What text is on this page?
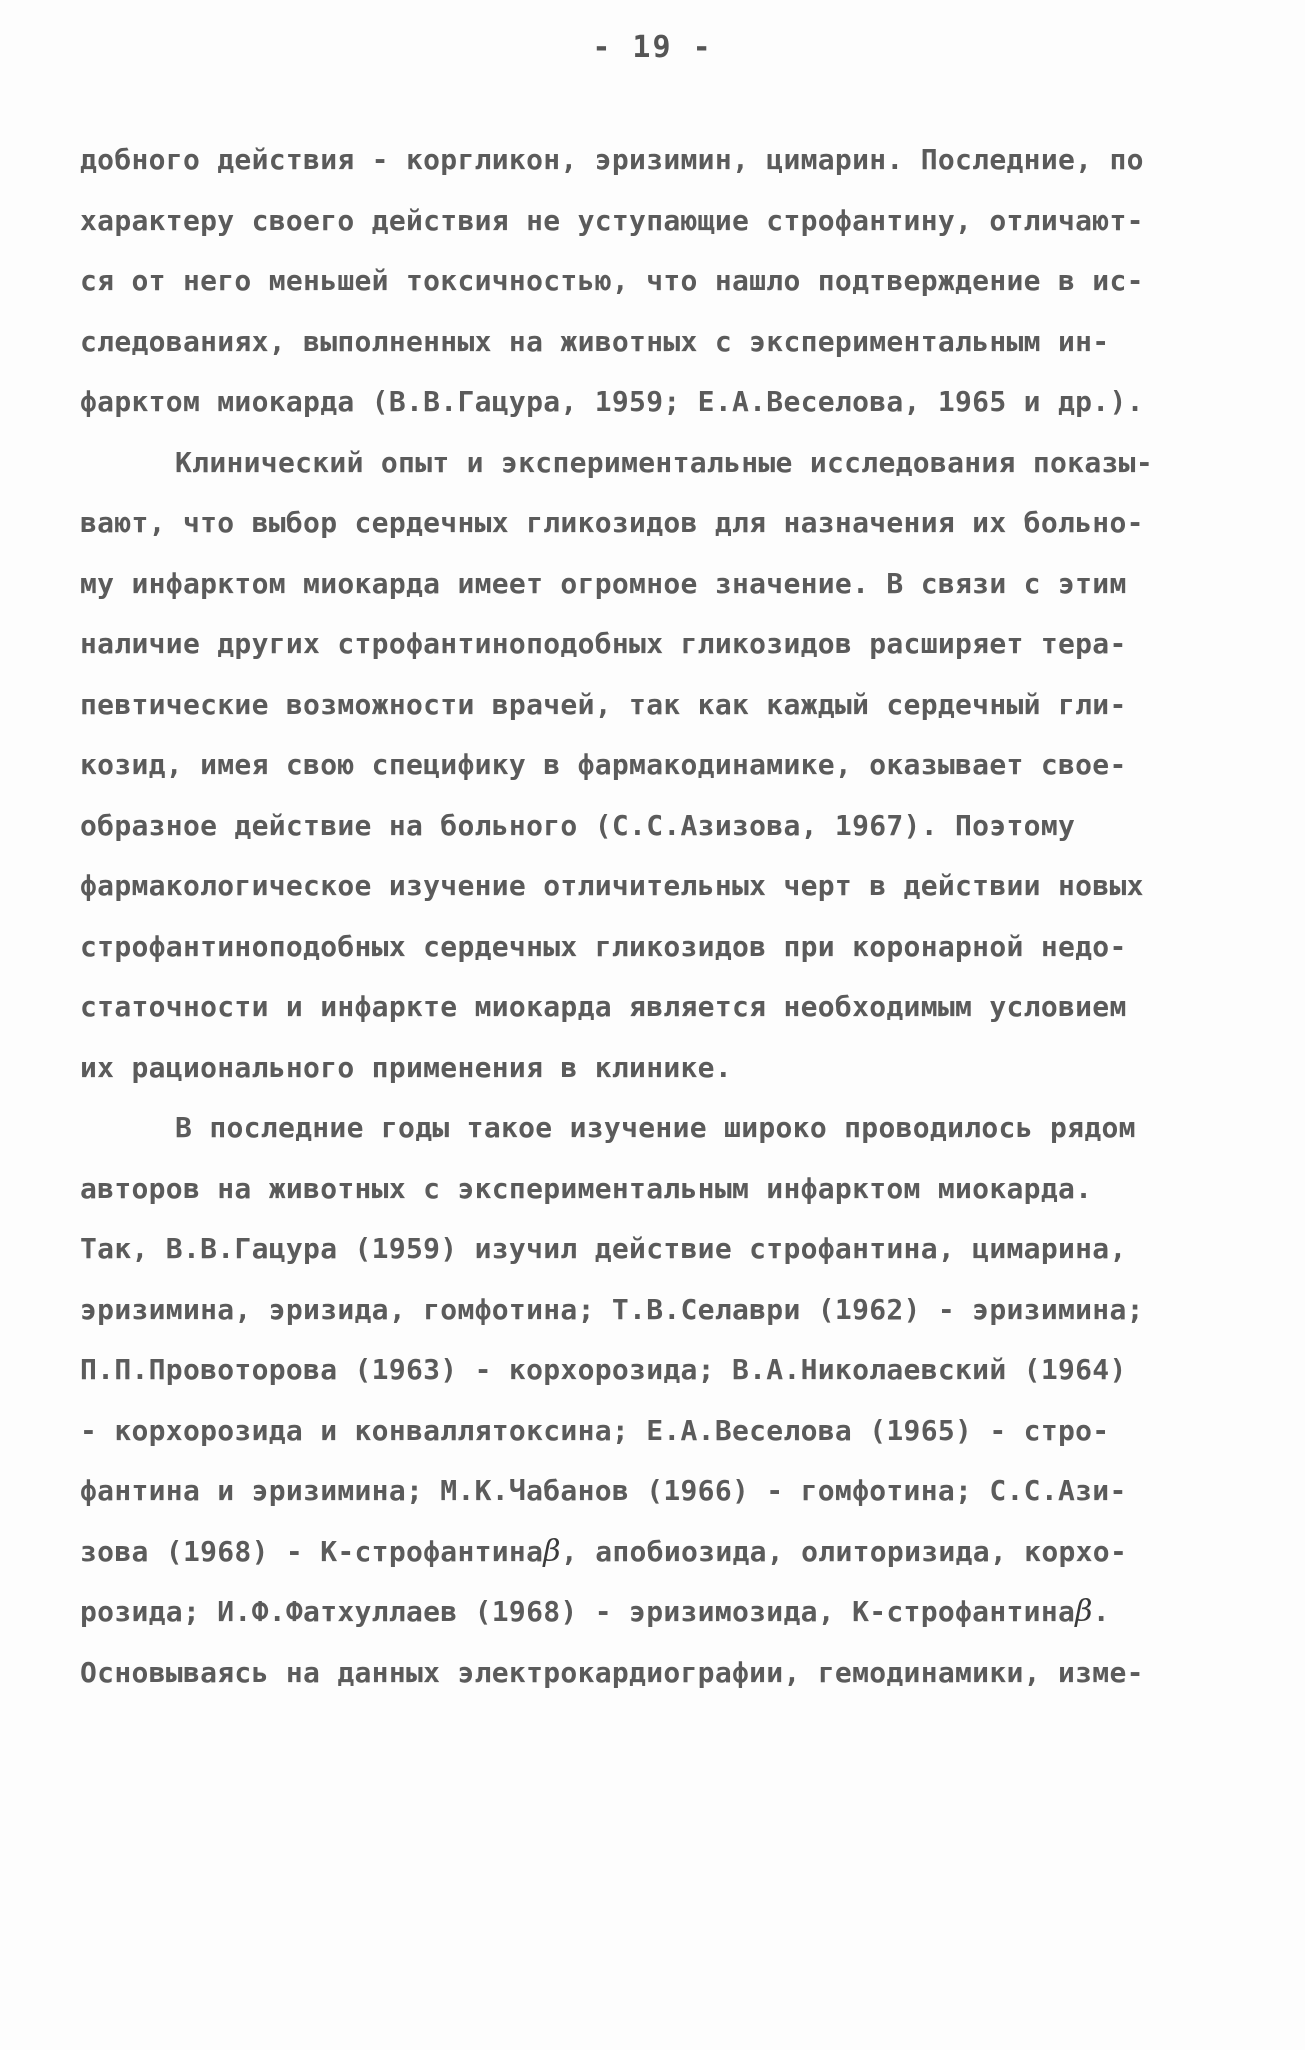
- 19 -
добного действия - коргликон, эризимин, цимарин. Последние, по
характеру своего действия не уступающие строфантину, отличают-
ся от него меньшей токсичностью, что нашло подтверждение в ис-
следованиях, выполненных на животных с экспериментальным ин-
фарктом миокарда (В.В.Гацура, 1959; Е.А.Веселова, 1965 и др.).
Клинический опыт и экспериментальные исследования показы-
вают, что выбор сердечных гликозидов для назначения их больно-
му инфарктом миокарда имеет огромное значение. В связи с этим
наличие других строфантиноподобных гликозидов расширяет тера-
певтические возможности врачей, так как каждый сердечный гли-
козид, имея свою специфику в фармакодинамике, оказывает свое-
образное действие на больного (С.С.Азизова, 1967). Поэтому
фармакологическое изучение отличительных черт в действии новых
строфантиноподобных сердечных гликозидов при коронарной недо-
статочности и инфаркте миокарда является необходимым условием
их рационального применения в клинике.
В последние годы такое изучение широко проводилось рядом
авторов на животных с экспериментальным инфарктом миокарда.
Так, В.В.Гацура (1959) изучил действие строфантина, цимарина,
эризимина, эризида, гомфотина; Т.В.Селаври (1962) - эризимина;
П.П.Провоторова (1963) - корхорозида; В.А.Николаевский (1964)
- корхорозида и конваллятоксина; Е.А.Веселова (1965) - стро-
фантина и эризимина; М.К.Чабанов (1966) - гомфотина; С.С.Ази-
зова (1968) - К-строфантинаβ, апобиозида, олиторизида, корхо-
розида; И.Ф.Фатхуллаев (1968) - эризимозида, К-строфантинаβ.
Основываясь на данных электрокардиографии, гемодинамики, изме-
